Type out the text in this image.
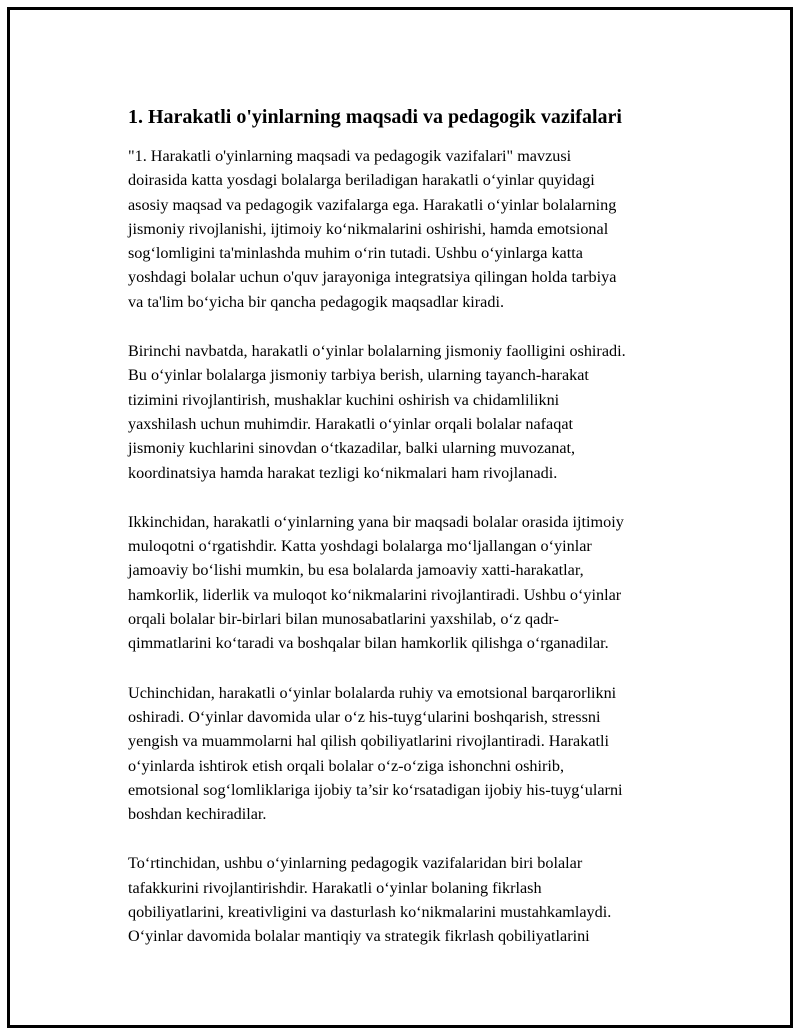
1. Harakatli o'yinlarning maqsadi va pedagogik vazifalari

"1. Harakatli o'yinlarning maqsadi va pedagogik vazifalari" mavzusi
doirasida katta yosdagi bolalarga beriladigan harakatli o‘yinlar quyidagi
asosiy maqsad va pedagogik vazifalarga ega. Harakatli o‘yinlar bolalarning
jismoniy rivojlanishi, ijtimoiy ko‘nikmalarini oshirishi, hamda emotsional
sog‘lomligini ta'minlashda muhim o‘rin tutadi. Ushbu o‘yinlarga katta
yoshdagi bolalar uchun o'quv jarayoniga integratsiya qilingan holda tarbiya
va ta'lim bo‘yicha bir qancha pedagogik maqsadlar kiradi.

Birinchi navbatda, harakatli o‘yinlar bolalarning jismoniy faolligini oshiradi.
Bu o‘yinlar bolalarga jismoniy tarbiya berish, ularning tayanch-harakat
tizimini rivojlantirish, mushaklar kuchini oshirish va chidamlilikni
yaxshilash uchun muhimdir. Harakatli o‘yinlar orqali bolalar nafaqat
jismoniy kuchlarini sinovdan o‘tkazadilar, balki ularning muvozanat,
koordinatsiya hamda harakat tezligi ko‘nikmalari ham rivojlanadi.

Ikkinchidan, harakatli o‘yinlarning yana bir maqsadi bolalar orasida ijtimoiy
muloqotni o‘rgatishdir. Katta yoshdagi bolalarga mo‘ljallangan o‘yinlar
jamoaviy bo‘lishi mumkin, bu esa bolalarda jamoaviy xatti-harakatlar,
hamkorlik, liderlik va muloqot ko‘nikmalarini rivojlantiradi. Ushbu o‘yinlar
orqali bolalar bir-birlari bilan munosabatlarini yaxshilab, o‘z qadr-
qimmatlarini ko‘taradi va boshqalar bilan hamkorlik qilishga o‘rganadilar.

Uchinchidan, harakatli o‘yinlar bolalarda ruhiy va emotsional barqarorlikni
oshiradi. O‘yinlar davomida ular o‘z his-tuyg‘ularini boshqarish, stressni
yengish va muammolarni hal qilish qobiliyatlarini rivojlantiradi. Harakatli
o‘yinlarda ishtirok etish orqali bolalar o‘z-o‘ziga ishonchni oshirib,
emotsional sog‘lomliklariga ijobiy ta’sir ko‘rsatadigan ijobiy his-tuyg‘ularni
boshdan kechiradilar.

To‘rtinchidan, ushbu o‘yinlarning pedagogik vazifalaridan biri bolalar
tafakkurini rivojlantirishdir. Harakatli o‘yinlar bolaning fikrlash
qobiliyatlarini, kreativligini va dasturlash ko‘nikmalarini mustahkamlaydi.
O‘yinlar davomida bolalar mantiqiy va strategik fikrlash qobiliyatlarini
